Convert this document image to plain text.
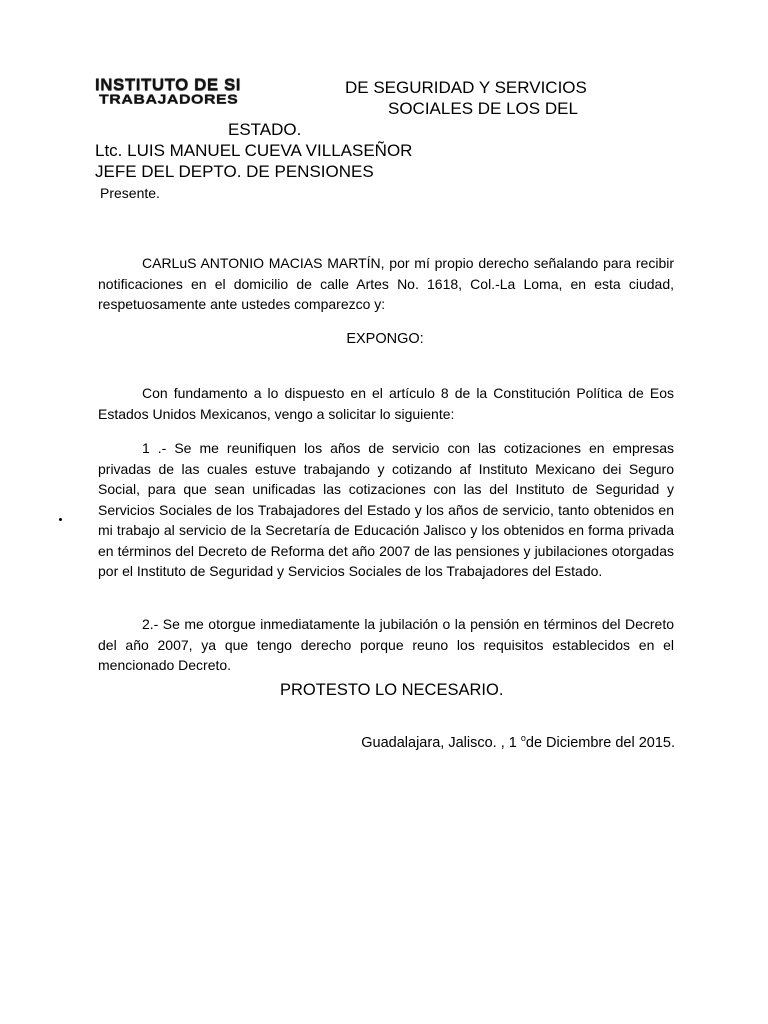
INSTITUTO DE SI
TRABAJADORES
DE SEGURIDAD Y SERVICIOS
SOCIALES DE LOS DEL
ESTADO.
Ltc. LUIS MANUEL CUEVA VILLASEÑOR
JEFE DEL DEPTO. DE PENSIONES
Presente.

CARLuS ANTONIO MACIAS MARTÍN, por mí propio derecho señalando para recibir notificaciones en el domicilio de calle Artes No. 1618, Col.-La Loma, en esta ciudad, respetuosamente ante ustedes comparezco y:

EXPONGO:

Con fundamento a lo dispuesto en el artículo 8 de la Constitución Política de Eos Estados Unidos Mexicanos, vengo a solicitar lo siguiente:

1 .- Se me reunifiquen los años de servicio con las cotizaciones en empresas privadas de las cuales estuve trabajando y cotizando af Instituto Mexicano dei Seguro Social, para que sean unificadas las cotizaciones con las del Instituto de Seguridad y Servicios Sociales de los Trabajadores del Estado y los años de servicio, tanto obtenidos en mi trabajo al servicio de la Secretaría de Educación Jalisco y los obtenidos en forma privada en términos del Decreto de Reforma det año 2007 de las pensiones y jubilaciones otorgadas por el Instituto de Seguridad y Servicios Sociales de los Trabajadores del Estado.

2.- Se me otorgue inmediatamente la jubilación o la pensión en términos del Decreto del año 2007, ya que tengo derecho porque reuno los requisitos establecidos en el mencionado Decreto.

PROTESTO LO NECESARIO.
Guadalajara, Jalisco. , 1 $^o$de Diciembre del 2015.
